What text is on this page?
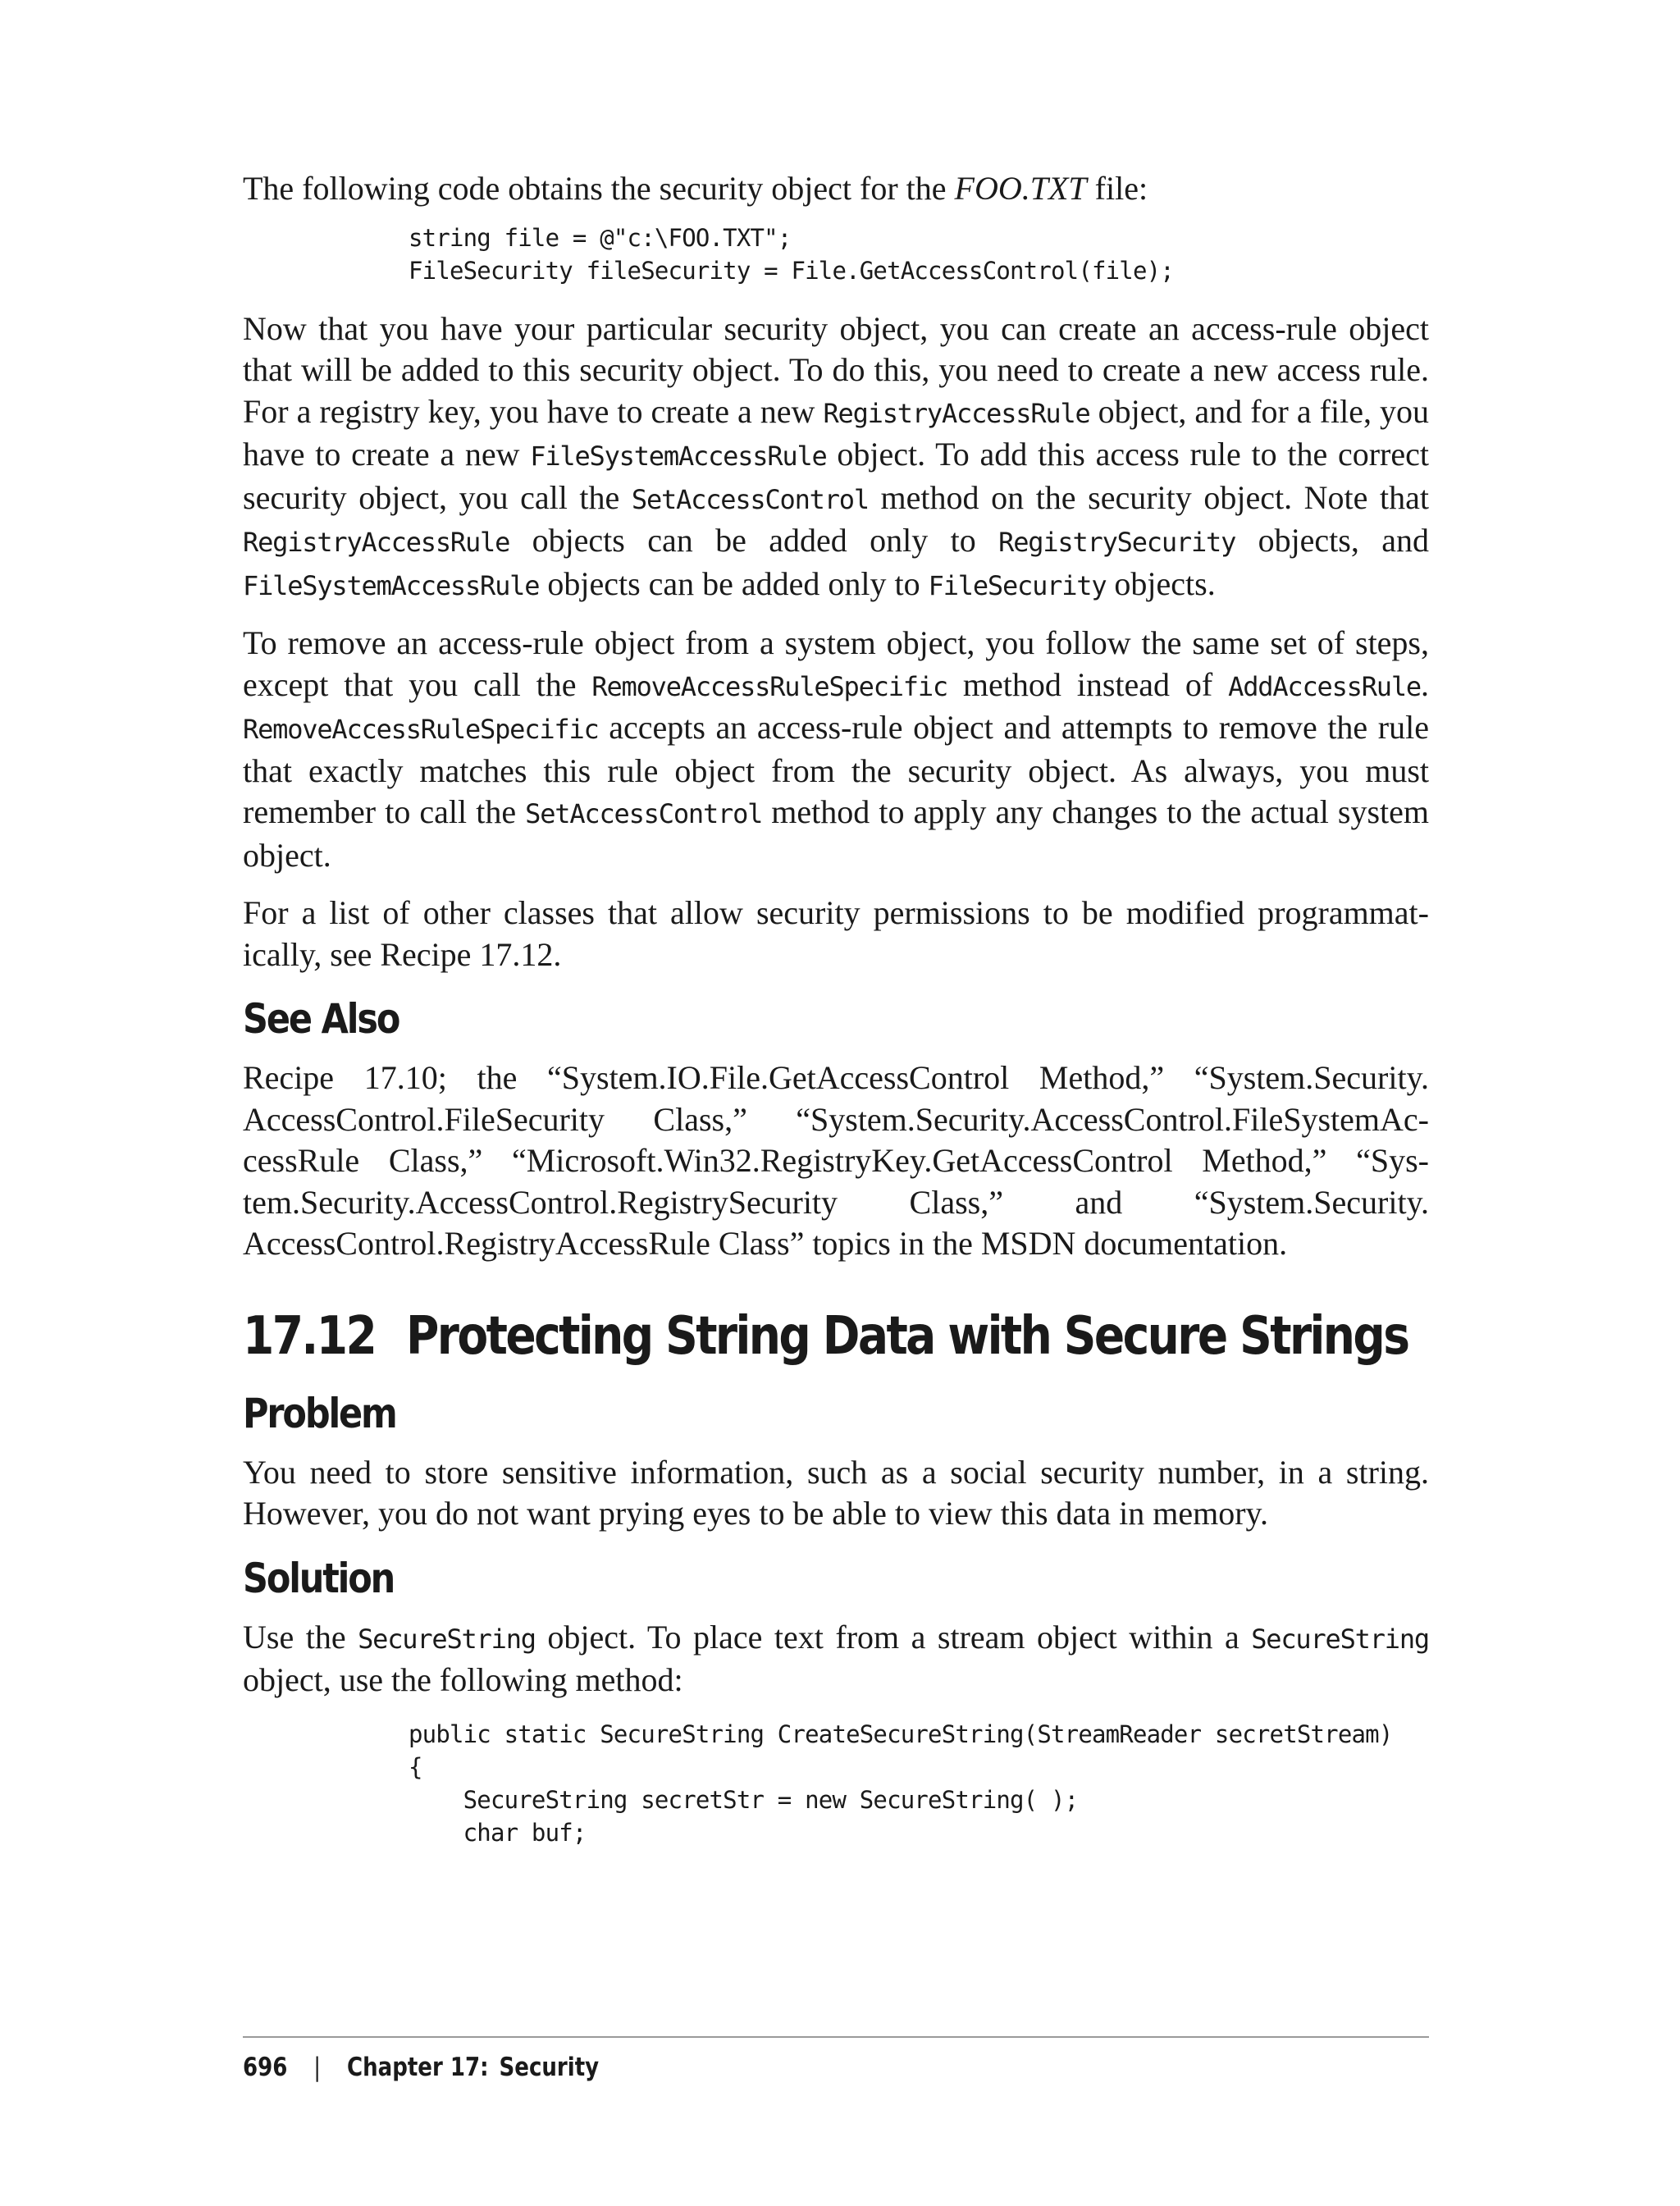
The following code obtains the security object for the FOO.TXT file:

string file = @"c:\FOO.TXT";
FileSecurity fileSecurity = File.GetAccessControl(file);

Now that you have your particular security object, you can create an access-rule object that will be added to this security object. To do this, you need to create a new access rule. For a registry key, you have to create a new RegistryAccessRule object, and for a file, you have to create a new FileSystemAccessRule object. To add this access rule to the correct security object, you call the SetAccessControl method on the security object. Note that RegistryAccessRule objects can be added only to RegistrySecurity objects, and FileSystemAccessRule objects can be added only to FileSecurity objects.

To remove an access-rule object from a system object, you follow the same set of steps, except that you call the RemoveAccessRuleSpecific method instead of AddAccessRule. RemoveAccessRuleSpecific accepts an access-rule object and attempts to remove the rule that exactly matches this rule object from the security object. As always, you must remember to call the SetAccessControl method to apply any changes to the actual system object.

For a list of other classes that allow security permissions to be modified programmatically, see Recipe 17.12.

See Also

Recipe 17.10; the “System.IO.File.GetAccessControl Method,” “System.Security.​AccessControl.FileSecurity Class,” “System.Security.AccessControl.FileSystemAccessRule Class,” “Microsoft.Win32.RegistryKey.GetAccessControl Method,” “System.Security.AccessControl.RegistrySecurity Class,” and “System.Security.​AccessControl.RegistryAccessRule Class” topics in the MSDN documentation.

17.12 Protecting String Data with Secure Strings
Problem

You need to store sensitive information, such as a social security number, in a string. However, you do not want prying eyes to be able to view this data in memory.

Solution

Use the SecureString object. To place text from a stream object within a SecureString object, use the following method:

public static SecureString CreateSecureString(StreamReader secretStream)
{
SecureString secretStr = new SecureString( );
char buf;
696 | Chapter 17: Security
